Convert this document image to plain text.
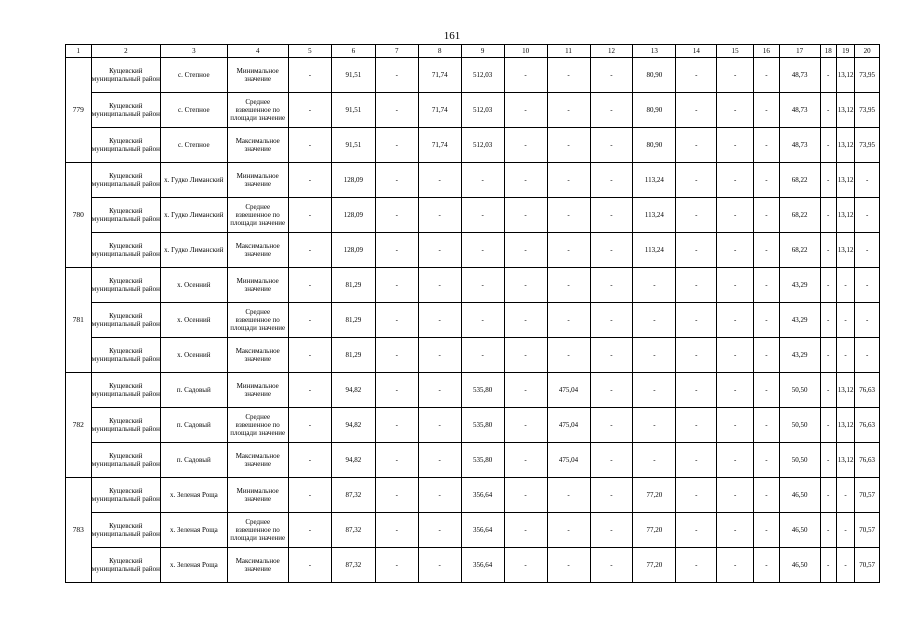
161
1	2	3	4	5	6	7	8	9	10	11	12	13	14	15	16	17	18	19	20
779	Кущевский муниципальный район	с. Степное	Минимальное значение	-	91,51	-	71,74	512,03	-	-	-	80,90	-	-	-	48,73	-	13,12	73,95
	Кущевский муниципальный район	с. Степное	Среднее взвешенное по площади значение	-	91,51	-	71,74	512,03	-	-	-	80,90	-	-	-	48,73	-	13,12	73,95
	Кущевский муниципальный район	с. Степное	Максимальное значение	-	91,51	-	71,74	512,03	-	-	-	80,90	-	-	-	48,73	-	13,12	73,95
780	Кущевский муниципальный район	х. Гудко Лиманский	Минимальное значение	-	128,09	-	-	-	-	-	-	113,24	-	-	-	68,22	-	13,12	-
	Кущевский муниципальный район	х. Гудко Лиманский	Среднее взвешенное по площади значение	-	128,09	-	-	-	-	-	-	113,24	-	-	-	68,22	-	13,12	-
	Кущевский муниципальный район	х. Гудко Лиманский	Максимальное значение	-	128,09	-	-	-	-	-	-	113,24	-	-	-	68,22	-	13,12	-
781	Кущевский муниципальный район	х. Осенний	Минимальное значение	-	81,29	-	-	-	-	-	-	-	-	-	-	43,29	-	-	-
	Кущевский муниципальный район	х. Осенний	Среднее взвешенное по площади значение	-	81,29	-	-	-	-	-	-	-	-	-	-	43,29	-	-	-
	Кущевский муниципальный район	х. Осенний	Максимальное значение	-	81,29	-	-	-	-	-	-	-	-	-	-	43,29	-	-	-
782	Кущевский муниципальный район	п. Садовый	Минимальное значение	-	94,82	-	-	535,80	-	475,04	-	-	-	-	-	50,50	-	13,12	76,63
	Кущевский муниципальный район	п. Садовый	Среднее взвешенное по площади значение	-	94,82	-	-	535,80	-	475,04	-	-	-	-	-	50,50	-	13,12	76,63
	Кущевский муниципальный район	п. Садовый	Максимальное значение	-	94,82	-	-	535,80	-	475,04	-	-	-	-	-	50,50	-	13,12	76,63
783	Кущевский муниципальный район	х. Зеленая Роща	Минимальное значение	-	87,32	-	-	356,64	-	-	-	77,20	-	-	-	46,50	-	-	70,57
	Кущевский муниципальный район	х. Зеленая Роща	Среднее взвешенное по площади значение	-	87,32	-	-	356,64	-	-	-	77,20	-	-	-	46,50	-	-	70,57
	Кущевский муниципальный район	х. Зеленая Роща	Максимальное значение	-	87,32	-	-	356,64	-	-	-	77,20	-	-	-	46,50	-	-	70,57
